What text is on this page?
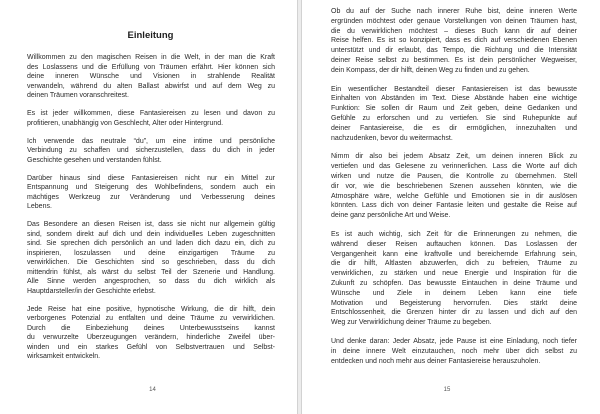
Einleitung
Willkommen zu den magischen Reisen in die Welt, in der man die Kraft
des Loslassens und die Erfüllung von Träumen erfährt. Hier können sich
deine inneren Wünsche und Visionen in strahlende Realität
verwandeln, während du alten Ballast abwirfst und auf dem Weg zu
deinen Träumen voranschreitest.
Es ist jeder willkommen, diese Fantasiereisen zu lesen und davon zu
profitieren, unabhängig von Geschlecht, Alter oder Hintergrund.
Ich verwende das neutrale “du”, um eine intime und persönliche
Verbindung zu schaffen und sicherzustellen, dass du dich in jeder
Geschichte gesehen und verstanden fühlst.
Darüber hinaus sind diese Fantasiereisen nicht nur ein Mittel zur
Entspannung und Steigerung des Wohlbefindens, sondern auch ein
mächtiges Werkzeug zur Veränderung und Verbesserung deines
Lebens.
Das Besondere an diesen Reisen ist, dass sie nicht nur allgemein gültig
sind, sondern direkt auf dich und dein individuelles Leben zugeschnitten
sind. Sie sprechen dich persönlich an und laden dich dazu ein, dich zu
inspirieren, loszulassen und deine einzigartigen Träume zu
verwirklichen. Die Geschichten sind so geschrieben, dass du dich
mittendrin fühlst, als wärst du selbst Teil der Szenerie und Handlung.
Alle Sinne werden angesprochen, so dass du dich wirklich als
Hauptdarsteller/in der Geschichte erlebst.
Jede Reise hat eine positive, hypnotische Wirkung, die dir hilft, dein
verborgenes Potenzial zu entfalten und deine Träume zu verwirklichen.
Durch die Einbeziehung deines Unterbewusstseins kannst
du verwurzelte Überzeugungen verändern, hinderliche Zweifel über-
winden und ein starkes Gefühl von Selbstvertrauen und Selbst-
wirksamkeit entwickeln.
14
Ob du auf der Suche nach innerer Ruhe bist, deine inneren Werte
ergründen möchtest oder genaue Vorstellungen von deinen Träumen hast,
die du verwirklichen möchtest – dieses Buch kann dir auf deiner
Reise helfen. Es ist so konzipiert, dass es dich auf verschiedenen Ebenen
unterstützt und dir erlaubt, das Tempo, die Richtung und die Intensität
deiner Reise selbst zu bestimmen. Es ist dein persönlicher Wegweiser,
dein Kompass, der dir hilft, deinen Weg zu finden und zu gehen.
Ein wesentlicher Bestandteil dieser Fantasiereisen ist das bewusste
Einhalten von Abständen im Text. Diese Abstände haben eine wichtige
Funktion: Sie sollen dir Raum und Zeit geben, deine Gedanken und
Gefühle zu erforschen und zu vertiefen. Sie sind Ruhepunkte auf
deiner Fantasiereise, die es dir ermöglichen, innezuhalten und
nachzudenken, bevor du weitermachst.
Nimm dir also bei jedem Absatz Zeit, um deinen inneren Blick zu
vertiefen und das Gelesene zu verinnerlichen. Lass die Worte auf dich
wirken und nutze die Pausen, die Kontrolle zu übernehmen. Stell
dir vor, wie die beschriebenen Szenen aussehen könnten, wie die
Atmosphäre wäre, welche Gefühle und Emotionen sie in dir auslösen
könnten. Lass dich von deiner Fantasie leiten und gestalte die Reise auf
deine ganz persönliche Art und Weise.
Es ist auch wichtig, sich Zeit für die Erinnerungen zu nehmen, die
während dieser Reisen auftauchen können. Das Loslassen der
Vergangenheit kann eine kraftvolle und bereichernde Erfahrung sein,
die dir hilft, Altlasten abzuwerfen, dich zu befreien, Träume zu
verwirklichen, zu stärken und neue Energie und Inspiration für die
Zukunft zu schöpfen. Das bewusste Eintauchen in deine Träume und
Wünsche und Ziele in deinem Leben kann eine tiefe
Motivation und Begeisterung hervorrufen. Dies stärkt deine
Entschlossenheit, die Grenzen hinter dir zu lassen und dich auf den
Weg zur Verwirklichung deiner Träume zu begeben.
Und denke daran: Jeder Absatz, jede Pause ist eine Einladung, noch tiefer
in deine innere Welt einzutauchen, noch mehr über dich selbst zu
entdecken und noch mehr aus deiner Fantasiereise herauszuholen.
15
